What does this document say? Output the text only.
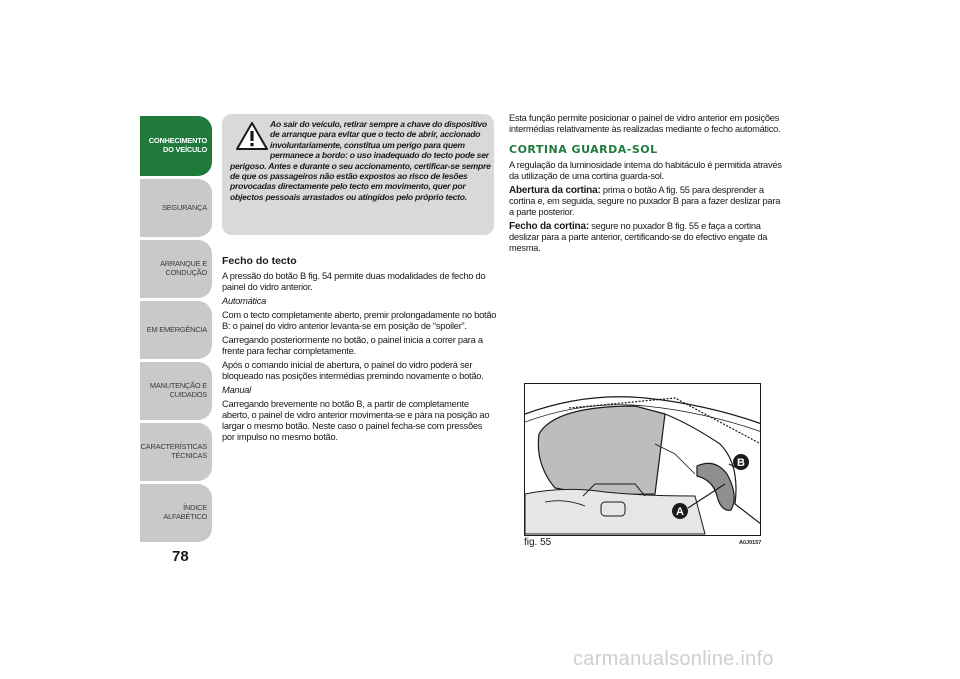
CONHECIMENTO DO VEÍCULO
SEGURANÇA
ARRANQUE E CONDUÇÃO
EM EMERGÊNCIA
MANUTENÇÃO E CUIDADOS
CARACTERÍSTICAS TÉCNICAS
ÍNDICE ALFABÉTICO
78
Ao sair do veículo, retirar sempre a chave do dispositivo de arranque para evitar que o tecto de abrir, accionado involuntariamente, constitua um perigo para quem permanece a bordo: o uso inadequado do tecto pode ser perigoso. Antes e durante o seu accionamento, certificar-se sempre de que os passageiros não estão expostos ao risco de lesões provocadas directamente pelo tecto em movimento, quer por objectos pessoais arrastados ou atingidos pelo próprio tecto.
Fecho do tecto

A pressão do botão B fig. 54 permite duas modalidades de fecho do painel do vidro anterior.

Automática

Com o tecto completamente aberto, premir prolongadamente no botão B: o painel do vidro anterior levanta-se em posição de “spoiler”.

Carregando posteriormente no botão, o painel inicia a correr para a frente para fechar completamente.

Após o comando inicial de abertura, o painel do vidro poderá ser bloqueado nas posições intermédias premindo novamente o botão.

Manual

Carregando brevemente no botão B, a partir de completamente aberto, o painel de vidro anterior movimenta-se e pára na posição ao largar o mesmo botão. Neste caso o painel fecha-se com pressões por impulso no mesmo botão.

Esta função permite posicionar o painel de vidro anterior em posições intermédias relativamente às realizadas mediante o fecho automático.

CORTINA GUARDA-SOL

A regulação da luminosidade interna do habitáculo é permitida através da utilização de uma cortina guarda-sol.

Abertura da cortina: prima o botão A fig. 55 para desprender a cortina e, em seguida, segure no puxador B para a fazer deslizar para a parte posterior.

Fecho da cortina: segure no puxador B fig. 55 e faça a cortina deslizar para a parte anterior, certificando-se do efectivo engate da mesma.

A
B
fig. 55	A0J0157
carmanualsonline.info
